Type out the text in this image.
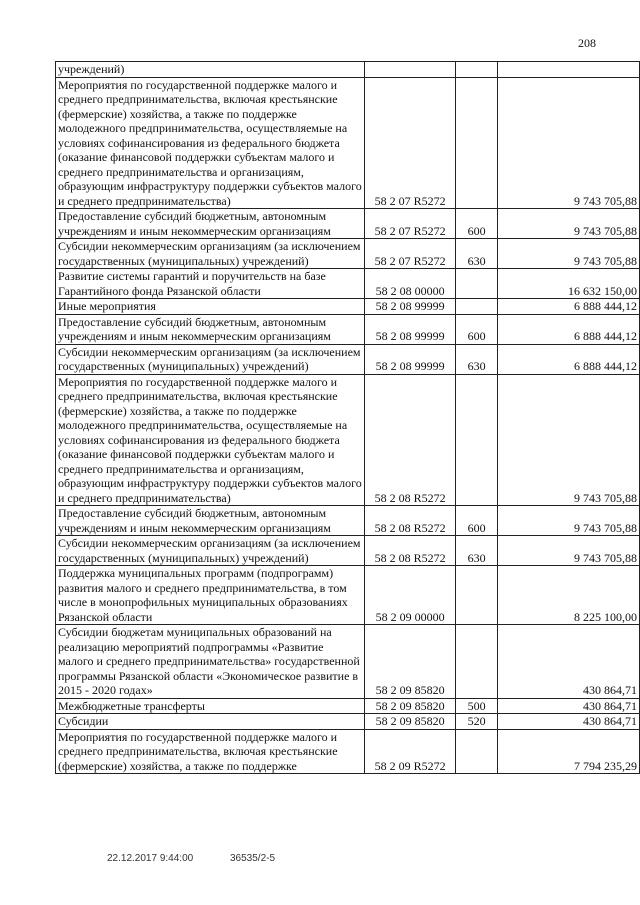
208
учреждений)			
Мероприятия по государственной поддержке малого и среднего предпринимательства, включая крестьянские (фермерские) хозяйства, а также по поддержке молодежного предпринимательства, осуществляемые на условиях софинансирования из федерального бюджета (оказание финансовой поддержки субъектам малого и среднего предпринимательства и организациям, образующим инфраструктуру поддержки субъектов малого и среднего предпринимательства)	58 2 07 R5272		9 743 705,88
Предоставление субсидий бюджетным, автономным учреждениям и иным некоммерческим организациям	58 2 07 R5272	600	9 743 705,88
Субсидии некоммерческим организациям (за исключением государственных (муниципальных) учреждений)	58 2 07 R5272	630	9 743 705,88
Развитие системы гарантий и поручительств на базе Гарантийного фонда Рязанской области	58 2 08 00000		16 632 150,00
Иные мероприятия	58 2 08 99999		6 888 444,12
Предоставление субсидий бюджетным, автономным учреждениям и иным некоммерческим организациям	58 2 08 99999	600	6 888 444,12
Субсидии некоммерческим организациям (за исключением государственных (муниципальных) учреждений)	58 2 08 99999	630	6 888 444,12
Мероприятия по государственной поддержке малого и среднего предпринимательства, включая крестьянские (фермерские) хозяйства, а также по поддержке молодежного предпринимательства, осуществляемые на условиях софинансирования из федерального бюджета (оказание финансовой поддержки субъектам малого и среднего предпринимательства и организациям, образующим инфраструктуру поддержки субъектов малого и среднего предпринимательства)	58 2 08 R5272		9 743 705,88
Предоставление субсидий бюджетным, автономным учреждениям и иным некоммерческим организациям	58 2 08 R5272	600	9 743 705,88
Субсидии некоммерческим организациям (за исключением государственных (муниципальных) учреждений)	58 2 08 R5272	630	9 743 705,88
Поддержка муниципальных программ (подпрограмм) развития малого и среднего предпринимательства, в том числе в монопрофильных муниципальных образованиях Рязанской области	58 2 09 00000		8 225 100,00
Субсидии бюджетам муниципальных образований на реализацию мероприятий подпрограммы «Развитие малого и среднего предпринимательства» государственной программы Рязанской области «Экономическое развитие в 2015 - 2020 годах»	58 2 09 85820		430 864,71
Межбюджетные трансферты	58 2 09 85820	500	430 864,71
Субсидии	58 2 09 85820	520	430 864,71
Мероприятия по государственной поддержке малого и среднего предпринимательства, включая крестьянские (фермерские) хозяйства, а также по поддержке	58 2 09 R5272		7 794 235,29
22.12.2017 9:44:00	36535/2-5
